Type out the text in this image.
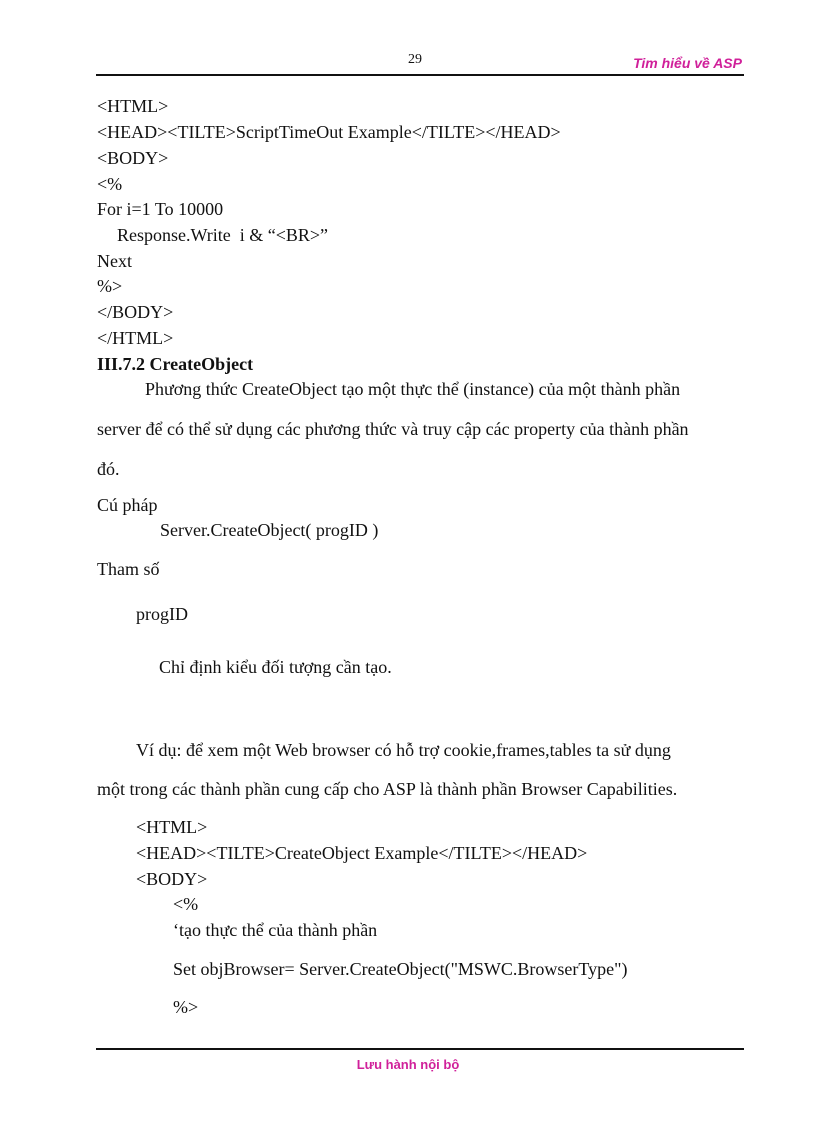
29	Tim hiểu về ASP
<HTML>
<HEAD><TILTE>ScriptTimeOut Example</TILTE></HEAD>
<BODY>
<%
For i=1 To 10000
Response.Write  i & “<BR>”
Next
%>
</BODY>
</HTML>
III.7.2 CreateObject
Phương thức CreateObject tạo một thực thể (instance) của một thành phần
server để có thể sử dụng các phương thức và truy cập các property của thành phần
đó.
Cú pháp
Server.CreateObject( progID )
Tham số
progID
Chỉ định kiểu đối tượng cần tạo.
Ví dụ: để xem một Web browser có hỗ trợ cookie,frames,tables ta sử dụng
một trong các thành phần cung cấp cho ASP là thành phần Browser Capabilities.
<HTML>
<HEAD><TILTE>CreateObject Example</TILTE></HEAD>
<BODY>
<%
‘tạo thực thể của thành phần
Set objBrowser= Server.CreateObject("MSWC.BrowserType")
%>
Lưu hành nội bộ
